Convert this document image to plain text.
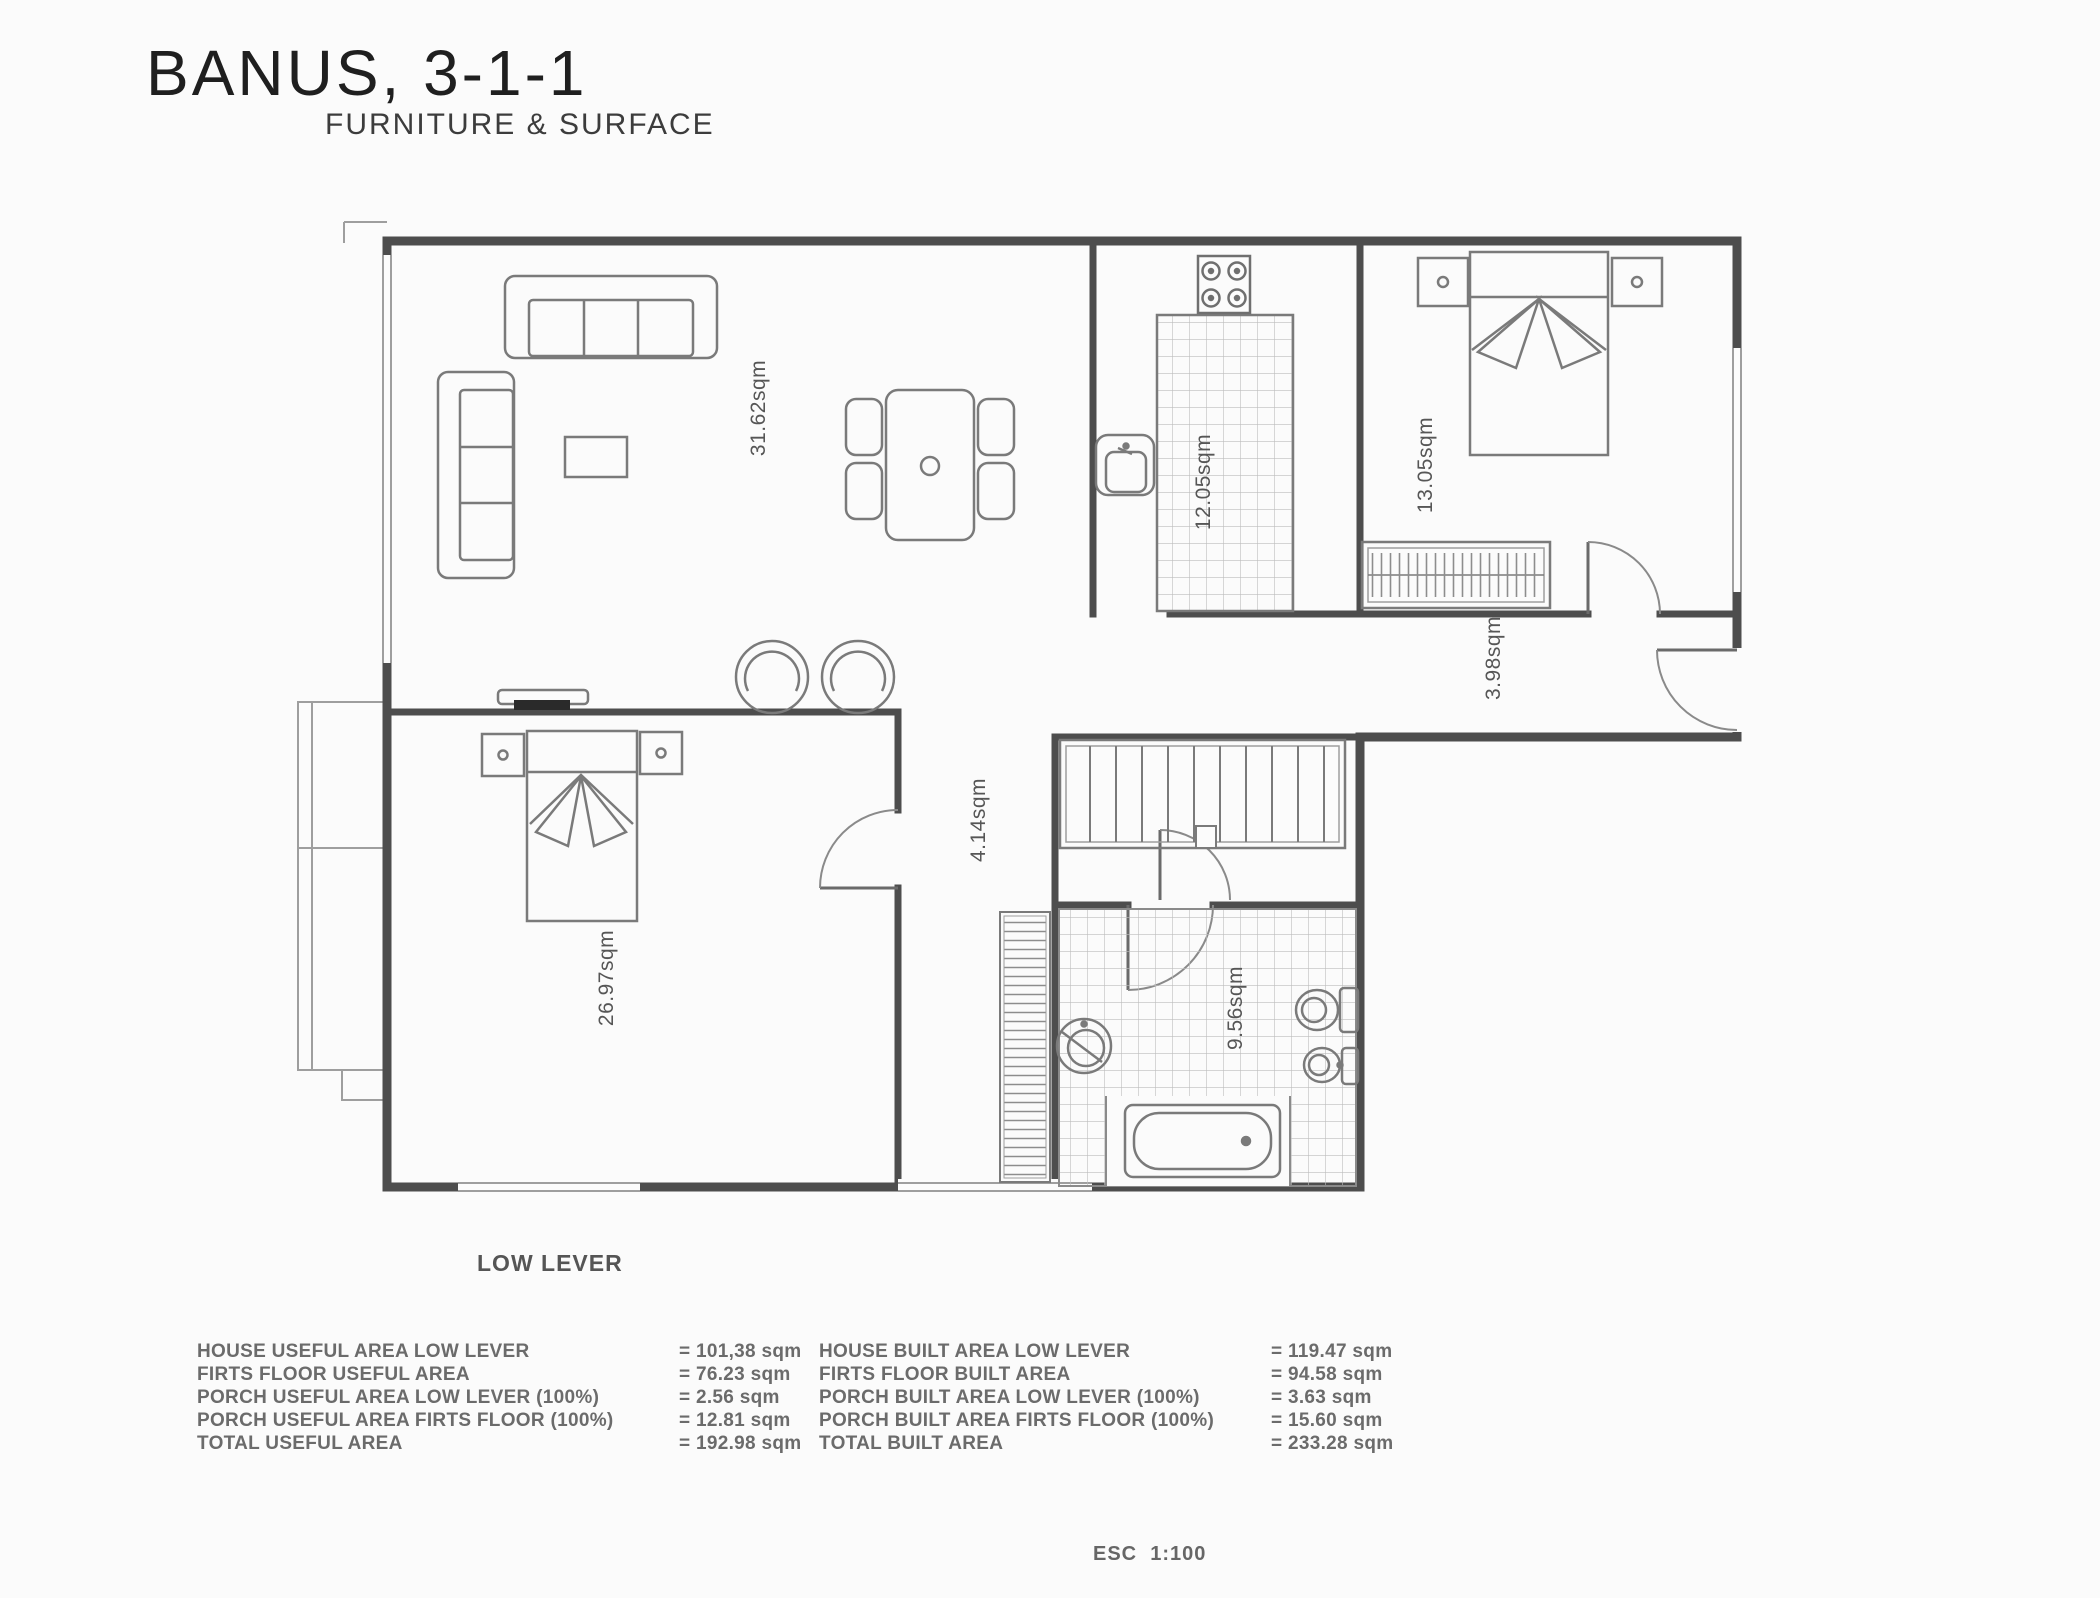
BANUS, 3-1-1
FURNITURE & SURFACE
31.62sqm
12.05sqm	13.05sqm
3.98sqm
4.14sqm
26.97sqm	9.56sqm
LOW LEVER
HOUSE USEFUL AREA LOW LEVER	= 101,38 sqm HOUSE BUILT AREA LOW LEVER	= 119.47 sqm
FIRTS FLOOR USEFUL AREA	= 76.23 sqm	FIRTS FLOOR BUILT AREA	= 94.58 sqm
PORCH USEFUL AREA LOW LEVER (100%)	= 2.56 sqm	PORCH BUILT AREA LOW LEVER (100%)	= 3.63 sqm
PORCH USEFUL AREA FIRTS FLOOR (100%)	= 12.81 sqm	PORCH BUILT AREA FIRTS FLOOR (100%)	= 15.60 sqm
TOTAL USEFUL AREA	= 192.98 sqm TOTAL BUILT AREA	= 233.28 sqm
ESC  1:100
